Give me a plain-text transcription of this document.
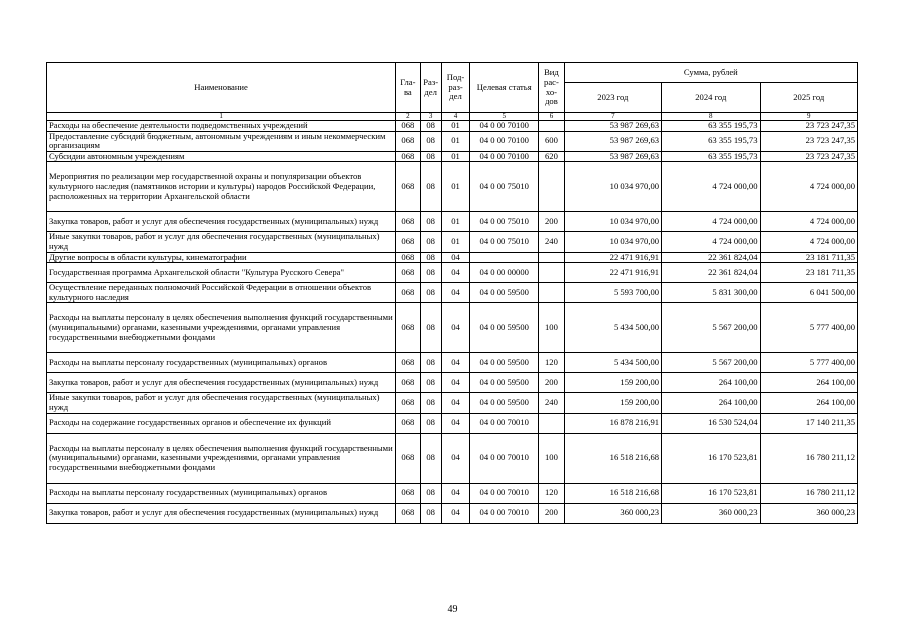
Наименование	Гла-ва	Раз-дел	Под-раз-дел	Целевая статья	Вид рас-хо-дов	Сумма, рублей		
						2023 год	2024 год	2025 год
1	2	3	4	5	6	7	8	9
Расходы на обеспечение деятельности подведомственных учреждений	068	08	01	04 0 00 70100		53 987 269,63	63 355 195,73	23 723 247,35
Предоставление субсидий бюджетным, автономным учреждениям и иным некоммерческим организациям	068	08	01	04 0 00 70100	600	53 987 269,63	63 355 195,73	23 723 247,35
Субсидии автономным учреждениям	068	08	01	04 0 00 70100	620	53 987 269,63	63 355 195,73	23 723 247,35
Мероприятия по реализации мер государственной охраны и популяризации объектов культурного наследия (памятников истории и культуры) народов Российской Федерации, расположенных на территории Архангельской области	068	08	01	04 0 00 75010		10 034 970,00	4 724 000,00	4 724 000,00
Закупка товаров, работ и услуг для обеспечения государственных (муниципальных) нужд	068	08	01	04 0 00 75010	200	10 034 970,00	4 724 000,00	4 724 000,00
Иные закупки товаров, работ и услуг для обеспечения государственных (муниципальных) нужд	068	08	01	04 0 00 75010	240	10 034 970,00	4 724 000,00	4 724 000,00
Другие вопросы в области культуры, кинематографии	068	08	04			22 471 916,91	22 361 824,04	23 181 711,35
Государственная программа Архангельской области "Культура Русского Севера"	068	08	04	04 0 00 00000		22 471 916,91	22 361 824,04	23 181 711,35
Осуществление переданных полномочий Российской Федерации в отношении объектов культурного наследия	068	08	04	04 0 00 59500		5 593 700,00	5 831 300,00	6 041 500,00
Расходы на выплаты персоналу в целях обеспечения выполнения функций государственными (муниципальными) органами, казенными учреждениями, органами управления государственными внебюджетными фондами	068	08	04	04 0 00 59500	100	5 434 500,00	5 567 200,00	5 777 400,00
Расходы на выплаты персоналу государственных (муниципальных) органов	068	08	04	04 0 00 59500	120	5 434 500,00	5 567 200,00	5 777 400,00
Закупка товаров, работ и услуг для обеспечения государственных (муниципальных) нужд	068	08	04	04 0 00 59500	200	159 200,00	264 100,00	264 100,00
Иные закупки товаров, работ и услуг для обеспечения государственных (муниципальных) нужд	068	08	04	04 0 00 59500	240	159 200,00	264 100,00	264 100,00
Расходы на содержание государственных органов и обеспечение их функций	068	08	04	04 0 00 70010		16 878 216,91	16 530 524,04	17 140 211,35
Расходы на выплаты персоналу в целях обеспечения выполнения функций государственными (муниципальными) органами, казенными учреждениями, органами управления государственными внебюджетными фондами	068	08	04	04 0 00 70010	100	16 518 216,68	16 170 523,81	16 780 211,12
Расходы на выплаты персоналу государственных (муниципальных) органов	068	08	04	04 0 00 70010	120	16 518 216,68	16 170 523,81	16 780 211,12
Закупка товаров, работ и услуг для обеспечения государственных (муниципальных) нужд	068	08	04	04 0 00 70010	200	360 000,23	360 000,23	360 000,23
49
